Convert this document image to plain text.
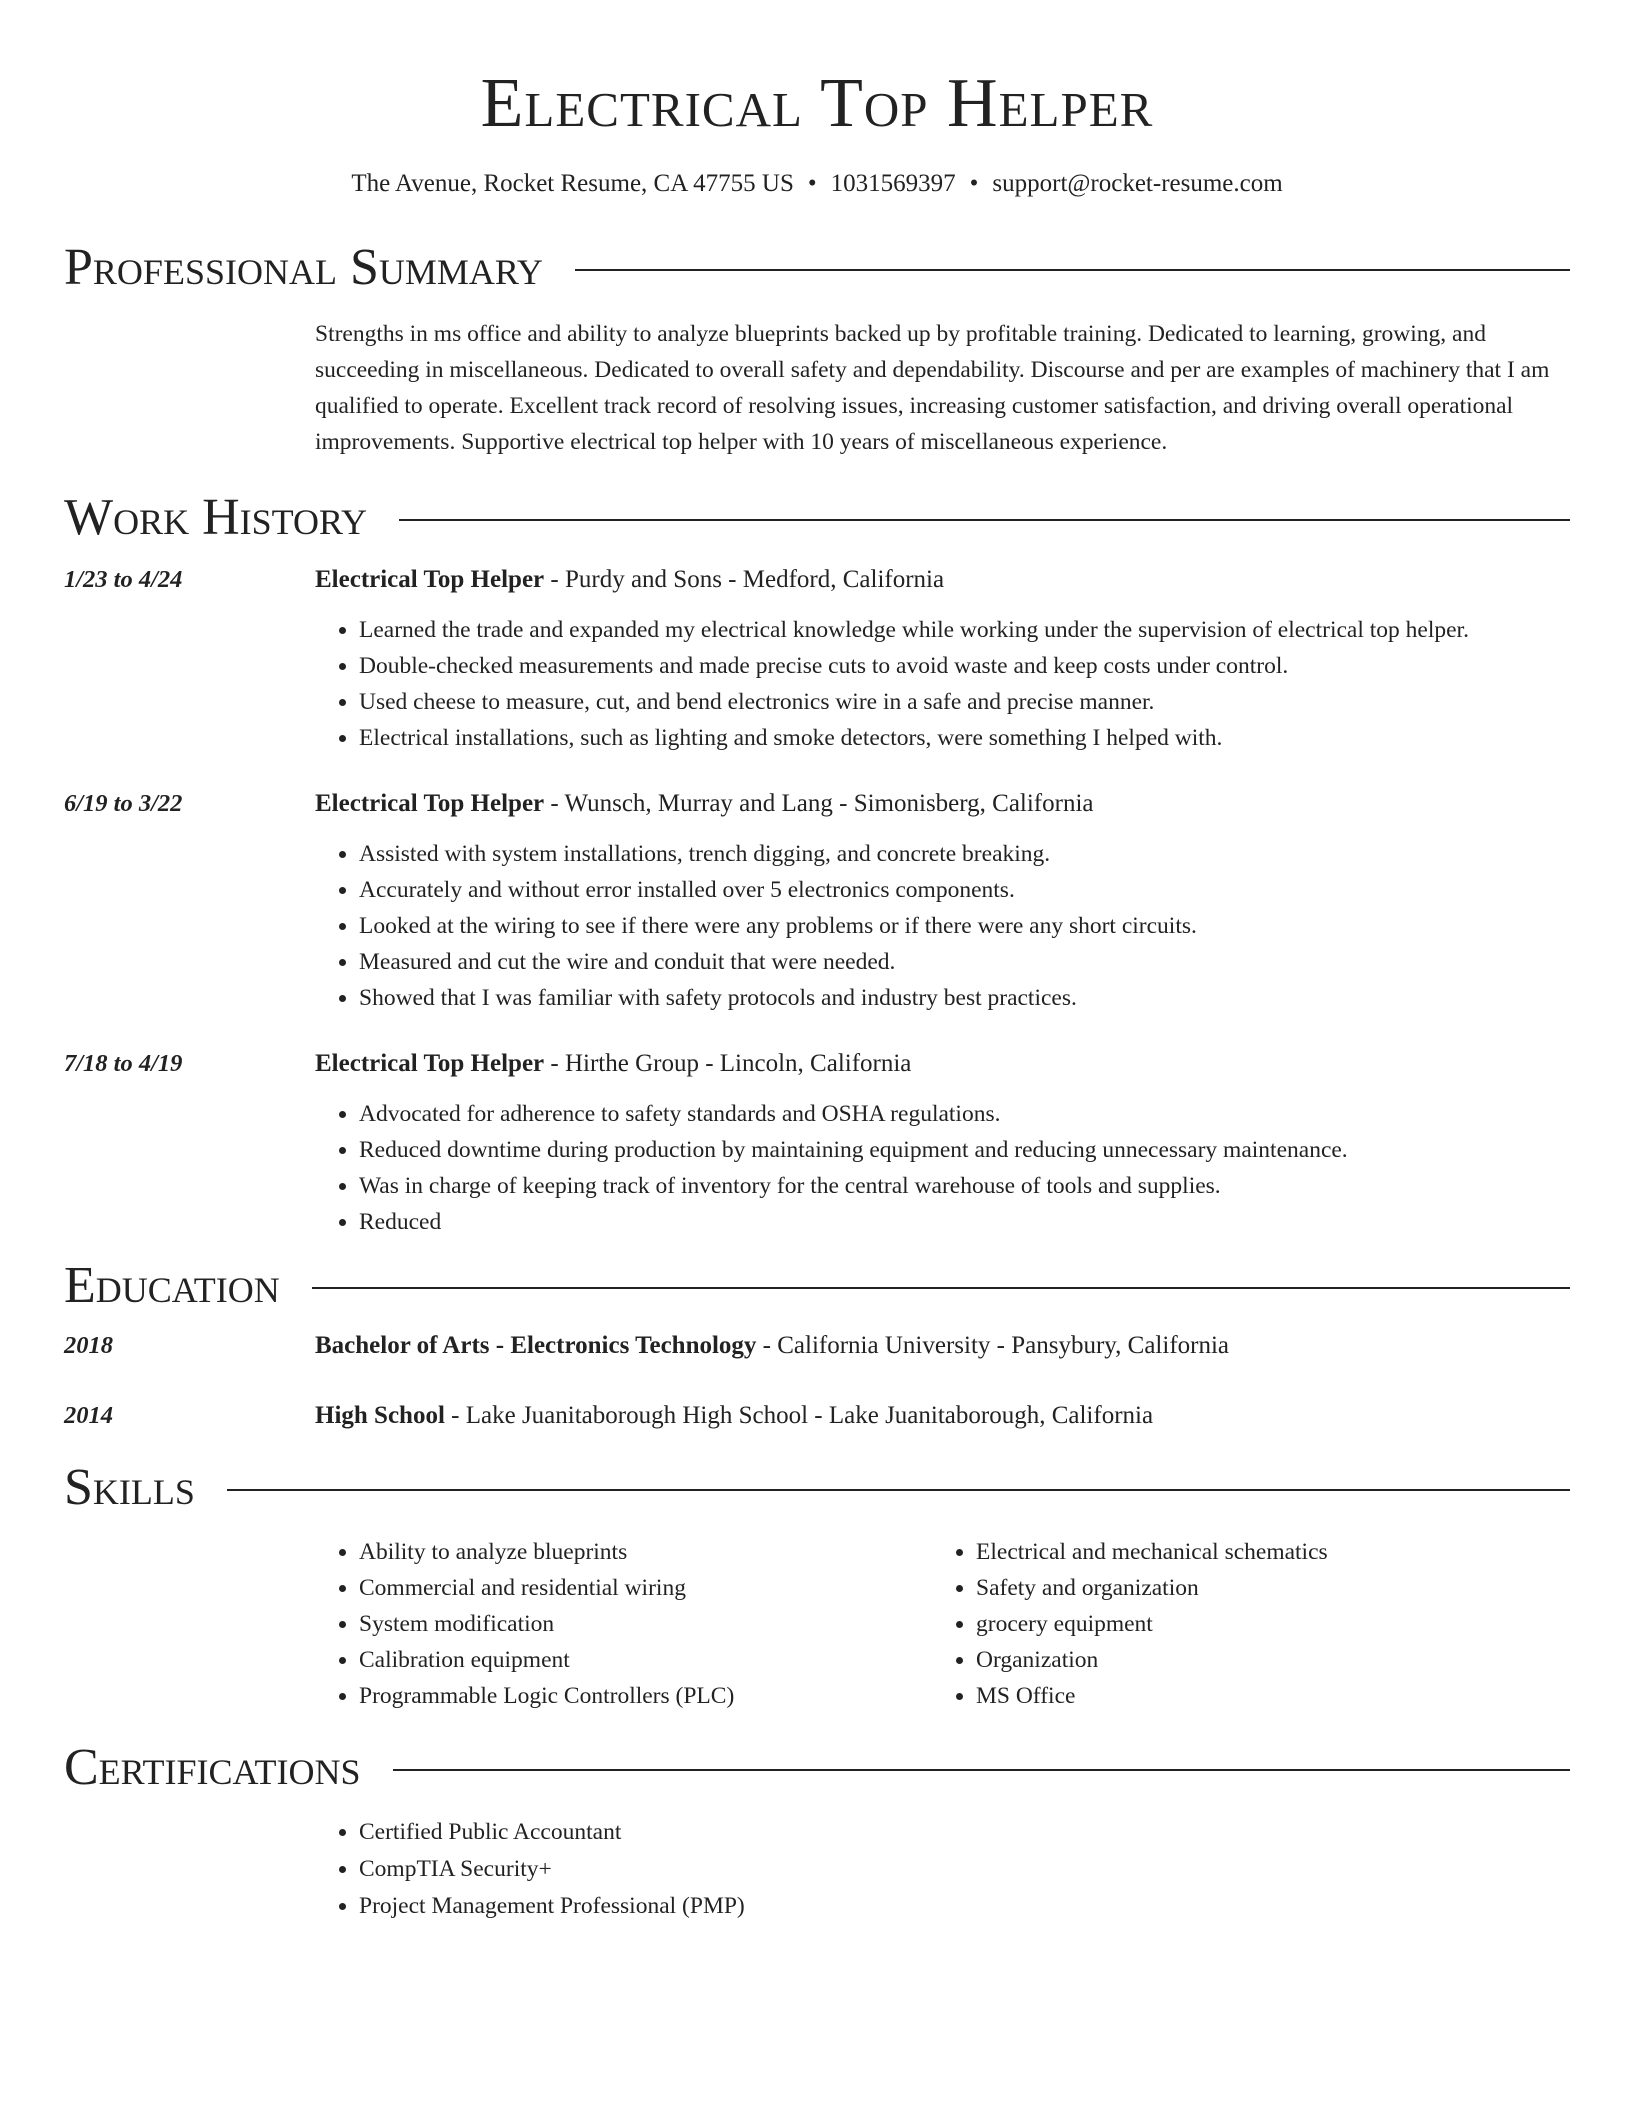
Electrical Top Helper
The Avenue, Rocket Resume, CA 47755 US • 1031569397 • support@rocket-resume.com
Professional Summary
Strengths in ms office and ability to analyze blueprints backed up by profitable training. Dedicated to learning, growing, and succeeding in miscellaneous. Dedicated to overall safety and dependability. Discourse and per are examples of machinery that I am qualified to operate. Excellent track record of resolving issues, increasing customer satisfaction, and driving overall operational improvements. Supportive electrical top helper with 10 years of miscellaneous experience.
Work History
1/23 to 4/24	Electrical Top Helper - Purdy and Sons - Medford, California
• Learned the trade and expanded my electrical knowledge while working under the supervision of electrical top helper.
• Double-checked measurements and made precise cuts to avoid waste and keep costs under control.
• Used cheese to measure, cut, and bend electronics wire in a safe and precise manner.
• Electrical installations, such as lighting and smoke detectors, were something I helped with.
6/19 to 3/22	Electrical Top Helper - Wunsch, Murray and Lang - Simonisberg, California
• Assisted with system installations, trench digging, and concrete breaking.
• Accurately and without error installed over 5 electronics components.
• Looked at the wiring to see if there were any problems or if there were any short circuits.
• Measured and cut the wire and conduit that were needed.
• Showed that I was familiar with safety protocols and industry best practices.
7/18 to 4/19	Electrical Top Helper - Hirthe Group - Lincoln, California
• Advocated for adherence to safety standards and OSHA regulations.
• Reduced downtime during production by maintaining equipment and reducing unnecessary maintenance.
• Was in charge of keeping track of inventory for the central warehouse of tools and supplies.
• Reduced
Education
2018	Bachelor of Arts - Electronics Technology - California University - Pansybury, California
2014	High School - Lake Juanitaborough High School - Lake Juanitaborough, California
Skills
• Ability to analyze blueprints
• Commercial and residential wiring
• System modification
• Calibration equipment
• Programmable Logic Controllers (PLC)
• Electrical and mechanical schematics
• Safety and organization
• grocery equipment
• Organization
• MS Office
Certifications
• Certified Public Accountant
• CompTIA Security+
• Project Management Professional (PMP)
